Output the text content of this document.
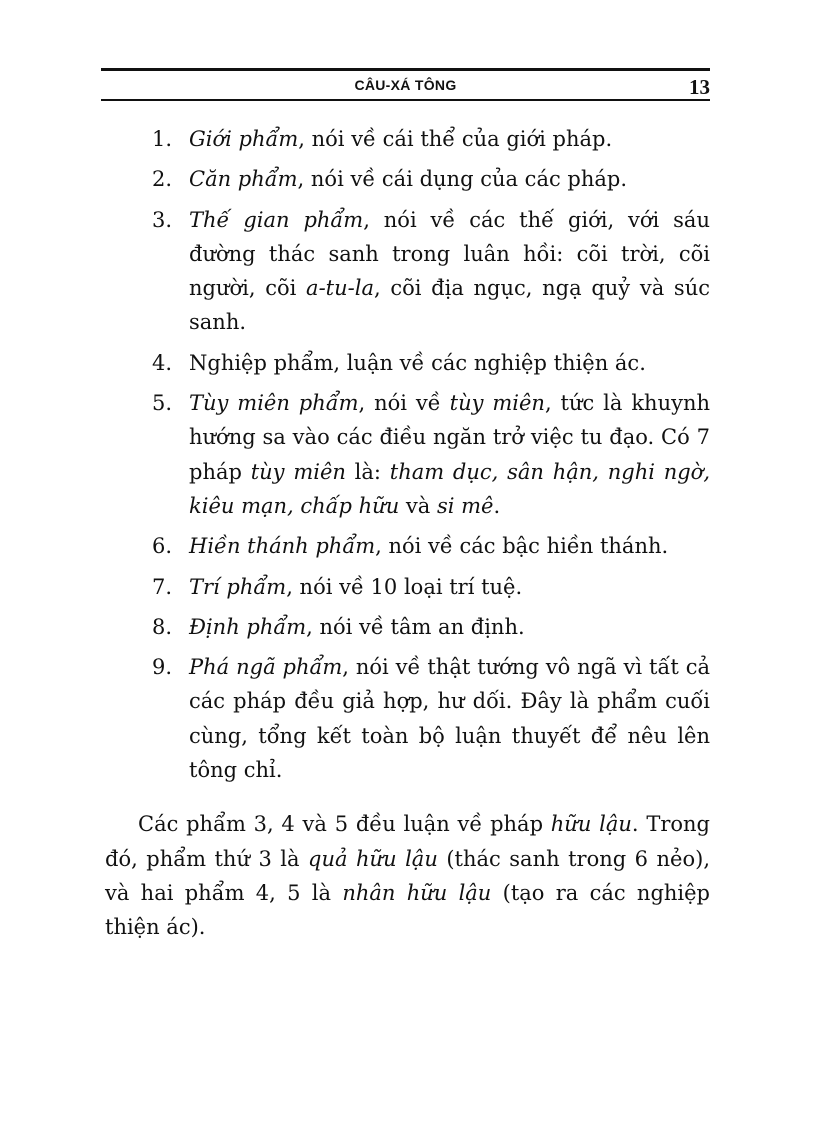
CÂU-XÁ TÔNG	13
1. Giới phẩm, nói về cái thể của giới pháp.
2. Căn phẩm, nói về cái dụng của các pháp.
3. Thế gian phẩm, nói về các thế giới, với sáu đường thác sanh trong luân hồi: cõi trời, cõi người, cõi a-tu-la, cõi địa ngục, ngạ quỷ và súc sanh.
4. Nghiệp phẩm, luận về các nghiệp thiện ác.
5. Tùy miên phẩm, nói về tùy miên, tức là khuynh hướng sa vào các điều ngăn trở việc tu đạo. Có 7 pháp tùy miên là: tham dục, sân hận, nghi ngờ, kiêu mạn, chấp hữu và si mê.
6. Hiền thánh phẩm, nói về các bậc hiền thánh.
7. Trí phẩm, nói về 10 loại trí tuệ.
8. Định phẩm, nói về tâm an định.
9. Phá ngã phẩm, nói về thật tướng vô ngã vì tất cả các pháp đều giả hợp, hư dối. Đây là phẩm cuối cùng, tổng kết toàn bộ luận thuyết để nêu lên tông chỉ.

Các phẩm 3, 4 và 5 đều luận về pháp hữu lậu. Trong đó, phẩm thứ 3 là quả hữu lậu (thác sanh trong 6 nẻo), và hai phẩm 4, 5 là nhân hữu lậu (tạo ra các nghiệp thiện ác).
